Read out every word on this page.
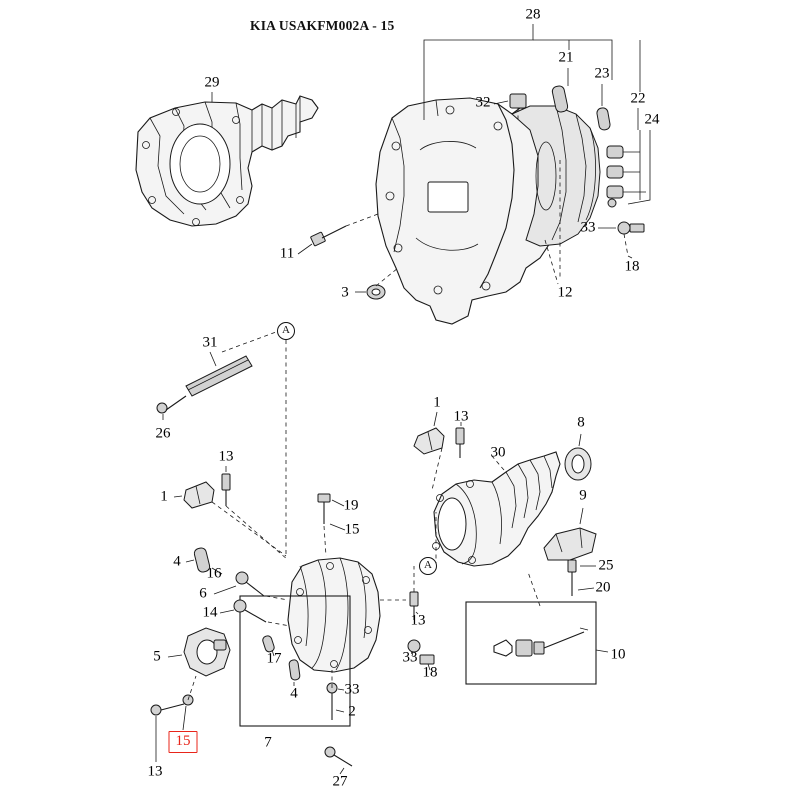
KIA USAKFM002A - 15
29
28
21
23
22
24
32
33
18
11
3	12
31
26
1
13	8
30
13
1
19
15
9
4
16
6
14
25
20
13
5	17	10
33
18
33
4
2
7
13
27
15
A
A
